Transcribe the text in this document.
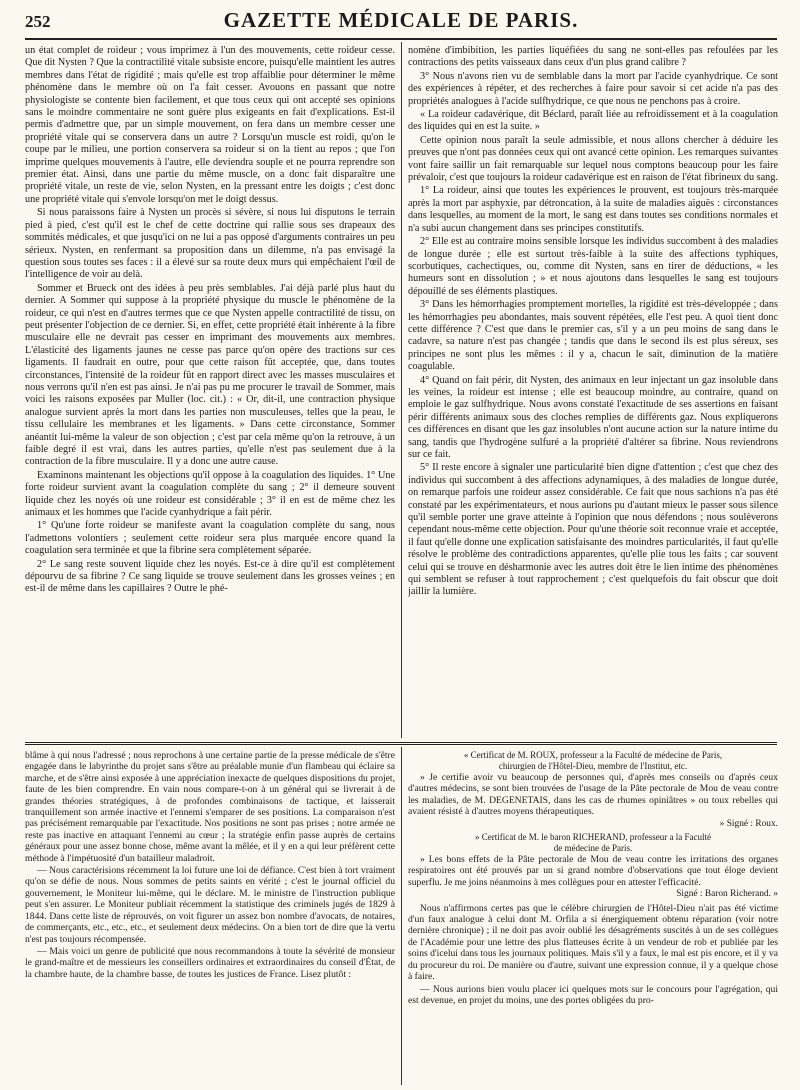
252	GAZETTE MÉDICALE DE PARIS.

un état complet de roideur ; vous imprimez à l'un des mouvements, cette roideur cesse. Que dit Nysten ? Que la contractilité vitale subsiste encore, puisqu'elle maintient les autres membres dans l'état de rigidité ; mais qu'elle est trop affaiblie pour déterminer le même phénomène dans le membre où on l'a fait cesser. Avouons en passant que notre physiologiste se contente bien facilement, et que tous ceux qui ont accepté ses opinions sans le moindre commentaire ne sont guère plus exigeants en fait d'explications. Est-il permis d'admettre que, par un simple mouvement, on fera dans un membre cesser une propriété vitale qui se conservera dans un autre ? Lorsqu'un muscle est roidi, qu'on le coupe par le milieu, une portion conservera sa roideur si on la tient au repos ; que l'on imprime quelques mouvements à l'autre, elle deviendra souple et ne pourra reprendre son premier état. Ainsi, dans une partie du même muscle, on a donc fait disparaître une propriété vitale, un reste de vie, selon Nysten, en la pressant entre les doigts ; c'est donc une propriété vitale qui s'envole lorsqu'on met le doigt dessus.

Si nous paraissons faire à Nysten un procès si sévère, si nous lui disputons le terrain pied à pied, c'est qu'il est le chef de cette doctrine qui rallie sous ses drapeaux des sommités médicales, et que jusqu'ici on ne lui a pas opposé d'arguments contraires un peu sérieux. Nysten, en renfermant sa proposition dans un dilemme, n'a pas envisagé la question sous toutes ses faces : il a élevé sur sa route deux murs qui empêchaient l'œil de l'intelligence de voir au delà.

Sommer et Brueck ont des idées à peu près semblables. J'ai déjà parlé plus haut du dernier. A Sommer qui suppose à la propriété physique du muscle le phénomène de la roideur, ce qui n'est en d'autres termes que ce que Nysten appelle contractilité de tissu, on peut présenter l'objection de ce dernier. Si, en effet, cette propriété était inhérente à la fibre musculaire elle ne devrait pas cesser en imprimant des mouvements aux membres. L'élasticité des ligaments jaunes ne cesse pas parce qu'on opère des tractions sur ces ligaments. Il faudrait en outre, pour que cette raison fût acceptée, que, dans toutes circonstances, l'intensité de la roideur fût en rapport direct avec les masses musculaires et nous verrons qu'il n'en est pas ainsi. Je n'ai pas pu me procurer le travail de Sommer, mais voici les raisons exposées par Muller (loc. cit.) : « Or, dit-il, une contraction physique analogue survient après la mort dans les parties non musculeuses, telles que la peau, le tissu cellulaire les membranes et les ligaments. » Dans cette circonstance, Sommer anéantit lui-même la valeur de son objection ; c'est par cela même qu'on la retrouve, à un faible degré il est vrai, dans les autres parties, qu'elle n'est pas seulement due à la contraction de la fibre musculaire. Il y a donc une autre cause.

Examinons maintenant les objections qu'il oppose à la coagulation des liquides. 1° Une forte roideur survient avant la coagulation complète du sang ; 2° il demeure souvent liquide chez les noyés où une roideur est considérable ; 3° il en est de même chez les animaux et les hommes que l'acide cyanhydrique a fait périr.

1° Qu'une forte roideur se manifeste avant la coagulation complète du sang, nous l'admettons volontiers ; seulement cette roideur sera plus marquée encore quand la coagulation sera terminée et que la fibrine sera complètement séparée.

2° Le sang reste souvent liquide chez les noyés. Est-ce à dire qu'il est complètement dépourvu de sa fibrine ? Ce sang liquide se trouve seulement dans les grosses veines ; en est-il de même dans les capillaires ? Outre le phé-

nomène d'imbibition, les parties liquéfiées du sang ne sont-elles pas refoulées par les contractions des petits vaisseaux dans ceux d'un plus grand calibre ?

3° Nous n'avons rien vu de semblable dans la mort par l'acide cyanhydrique. Ce sont des expériences à répéter, et des recherches à faire pour savoir si cet acide n'a pas des propriétés analogues à l'acide sulfhydrique, ce que nous ne penchons pas à croire.

« La roideur cadavérique, dit Béclard, paraît liée au refroidissement et à la coagulation des liquides qui en est la suite. »

Cette opinion nous paraît la seule admissible, et nous allons chercher à déduire les preuves que n'ont pas données ceux qui ont avancé cette opinion. Les remarques suivantes vont faire saillir un fait remarquable sur lequel nous comptons beaucoup pour les faire prévaloir, c'est que toujours la roideur cadavérique est en raison de l'état fibrineux du sang.

1° La roideur, ainsi que toutes les expériences le prouvent, est toujours très-marquée après la mort par asphyxie, par détroncation, à la suite de maladies aiguës : circonstances dans lesquelles, au moment de la mort, le sang est dans toutes ses conditions normales et n'a subi aucun changement dans ses principes constitutifs.

2° Elle est au contraire moins sensible lorsque les individus succombent à des maladies de longue durée ; elle est surtout très-faible à la suite des affections typhiques, scorbutiques, cachectiques, ou, comme dit Nysten, sans en tirer de déductions, « les humeurs sont en dissolution ; » et nous ajoutons dans lesquelles le sang est toujours dépouillé de ses éléments plastiques.

3° Dans les hémorrhagies promptement mortelles, la rigidité est très-développée ; dans les hémorrhagies peu abondantes, mais souvent répétées, elle l'est peu. A quoi tient donc cette différence ? C'est que dans le premier cas, s'il y a un peu moins de sang dans le cadavre, sa nature n'est pas changée ; tandis que dans le second ils est plus séreux, ses principes ne sont plus les mêmes : il y a, chacun le sait, diminution de la matière coagulable.

4° Quand on fait périr, dit Nysten, des animaux en leur injectant un gaz insoluble dans les veines, la roideur est intense ; elle est beaucoup moindre, au contraire, quand on emploie le gaz sulfhydrique. Nous avons constaté l'exactitude de ses assertions en faisant périr différents animaux sous des cloches remplies de différents gaz. Nous expliquerons ces différences en disant que les gaz insolubles n'ont aucune action sur la nature intime du sang, tandis que l'hydrogène sulfuré a la propriété d'altérer sa fibrine. Nous reviendrons sur ce fait.

5° Il reste encore à signaler une particularité bien digne d'attention ; c'est que chez des individus qui succombent à des affections adynamiques, à des maladies de longue durée, on remarque parfois une roideur assez considérable. Ce fait que nous sachions n'a pas été constaté par les expérimentateurs, et nous aurions pu d'autant mieux le passer sous silence qu'il semble porter une grave atteinte à l'opinion que nous défendons ; nous soulèverons cependant nous-même cette objection. Pour qu'une théorie soit reconnue vraie et acceptée, il faut qu'elle donne une explication satisfaisante des moindres particularités, il faut qu'elle résolve le problème des contradictions apparentes, qu'elle plie tous les faits ; car souvent celui qui se trouve en désharmonie avec les autres doit être le lien intime des phénomènes qui semblent se refuser à tout rapprochement ; c'est quelquefois du fait obscur que doit jaillir la lumière.

blâme à qui nous l'adressé ; nous reprochons à une certaine partie de la presse médicale de s'être engagée dans le labyrinthe du projet sans s'être au préalable munie d'un flambeau qui éclaire sa marche, et de s'être ainsi exposée à une appréciation inexacte de quelques dispositions du projet, faute de les bien comprendre. En vain nous compare-t-on à un général qui se livrerait à de grandes théories stratégiques, à de profondes combinaisons de tactique, et laisserait tranquillement son armée inactive et l'ennemi s'emparer de ses positions. La comparaison n'est pas précisément remarquable par l'exactitude. Nos positions ne sont pas prises ; notre armée ne reste pas inactive en attaquant l'ennemi au cœur ; la stratégie enfin passe auprès de certains généraux pour une assez bonne chose, même avant la mêlée, et il y en a qui leur préfèrent cette méthode à l'impétuosité d'un batailleur maladroit.

— Nous caractérisions récemment la loi future une loi de défiance. C'est bien à tort vraiment qu'on se défie de nous. Nous sommes de petits saints en vérité ; c'est le journal officiel du gouvernement, le Moniteur lui-même, qui le déclare. M. le ministre de l'instruction publique peut s'en assurer. Le Moniteur publiait récemment la statistique des criminels jugés de 1829 à 1844. Dans cette liste de réprouvés, on voit figurer un assez bon nombre d'avocats, de notaires, de commerçants, etc., etc., etc., et seulement deux médecins. On a bien tort de dire que la vertu n'est pas toujours récompensée.

— Mais voici un genre de publicité que nous recommandons à toute la sévérité de monsieur le grand-maître et de messieurs les conseillers ordinaires et extraordinaires du conseil d'État, de la chambre haute, de la chambre basse, de toutes les justices de France. Lisez plutôt :

« Certificat de M. ROUX, professeur a la Faculté de médecine de Paris,

chirurgien de l'Hôtel-Dieu, membre de l'Institut, etc.

» Je certifie avoir vu beaucoup de personnes qui, d'après mes conseils ou d'après ceux d'autres médecins, se sont bien trouvées de l'usage de la Pâte pectorale de Mou de veau contre les maladies, de M. DEGENETAIS, dans les cas de rhumes opiniâtres » ou toux rebelles qui avaient résisté à d'autres moyens thérapeutiques.

» Signé : Roux.

» Certificat de M. le baron RICHERAND, professeur a la Faculté

de médecine de Paris.

» Les bons effets de la Pâte pectorale de Mou de veau contre les irritations des organes respiratoires ont été prouvés par un si grand nombre d'observations que tout éloge devient superflu. Je me joins néanmoins à mes collègues pour en attester l'efficacité.

Signé : Baron Richerand. »

Nous n'affirmons certes pas que le célèbre chirurgien de l'Hôtel-Dieu n'ait pas été victime d'un faux analogue à celui dont M. Orfila a si énergiquement obtenu réparation (voir notre dernière chronique) ; il ne doit pas avoir oublié les désagréments suscités à un de ses collègues de l'Académie pour une lettre des plus flatteuses écrite à un vendeur de rob et publiée par les soins d'icelui dans tous les journaux politiques. Mais s'il y a faux, le mal est pis encore, et il y va du procureur du roi. De manière ou d'autre, suivant une expression connue, il y a quelque chose à faire.

— Nous aurions bien voulu placer ici quelques mots sur le concours pour l'agrégation, qui est devenue, en projet du moins, une des portes obligées du pro-
